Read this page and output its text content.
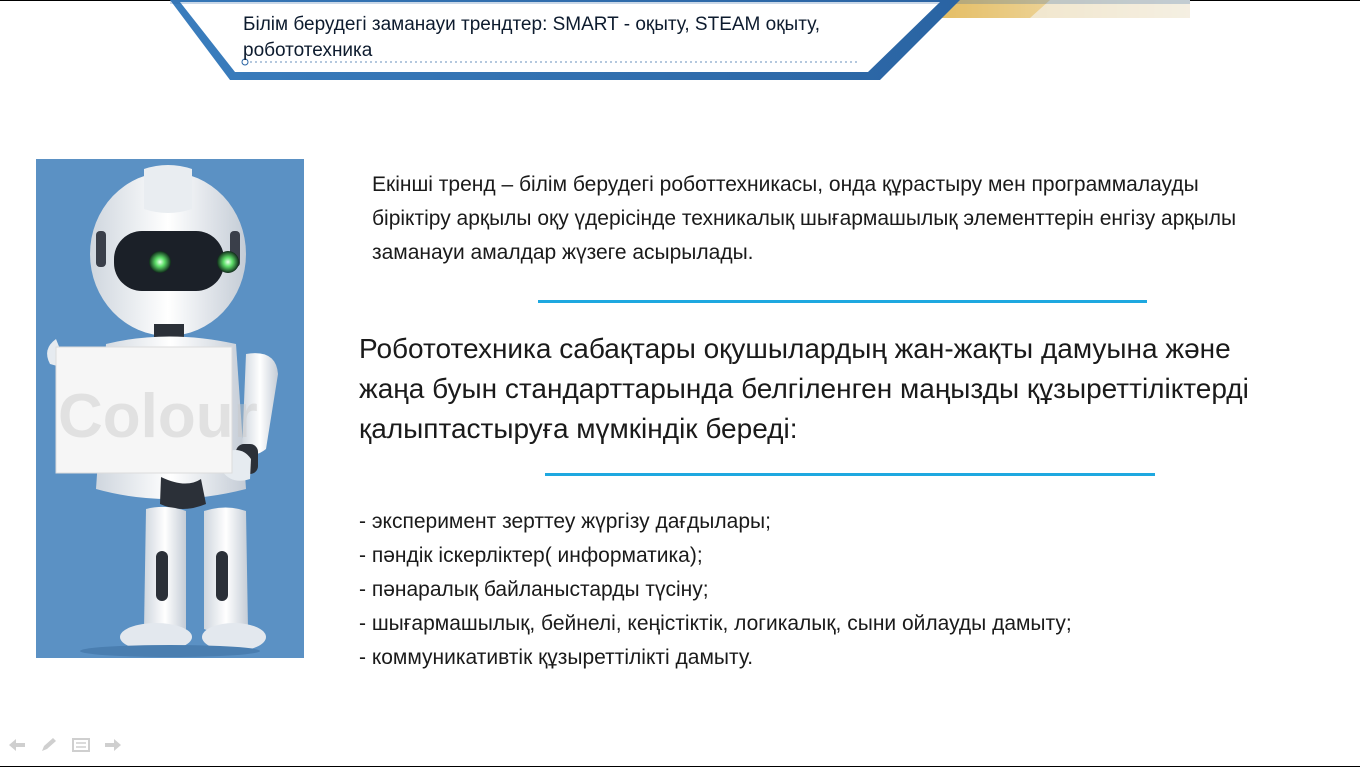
Білім берудегі заманауи трендтер: SMART - оқыту, STEAM оқыту, робототехника
Colour
Екінші тренд – білім берудегі роботтехникасы, онда құрастыру мен программалауды біріктіру арқылы оқу үдерісінде техникалық шығармашылық элементтерін енгізу арқылы заманауи амалдар жүзеге асырылады.
Робототехника сабақтары оқушылардың жан-жақты дамуына және жаңа буын стандарттарында белгіленген маңызды құзыреттіліктерді қалыптастыруға мүмкіндік береді:
- эксперимент зерттеу жүргізу дағдылары;
- пәндік іскерліктер( информатика);
- пәнаралық байланыстарды түсіну;
- шығармашылық, бейнелі, кеңістіктік, логикалық, сыни ойлауды дамыту;
- коммуникативтік құзыреттілікті дамыту.
